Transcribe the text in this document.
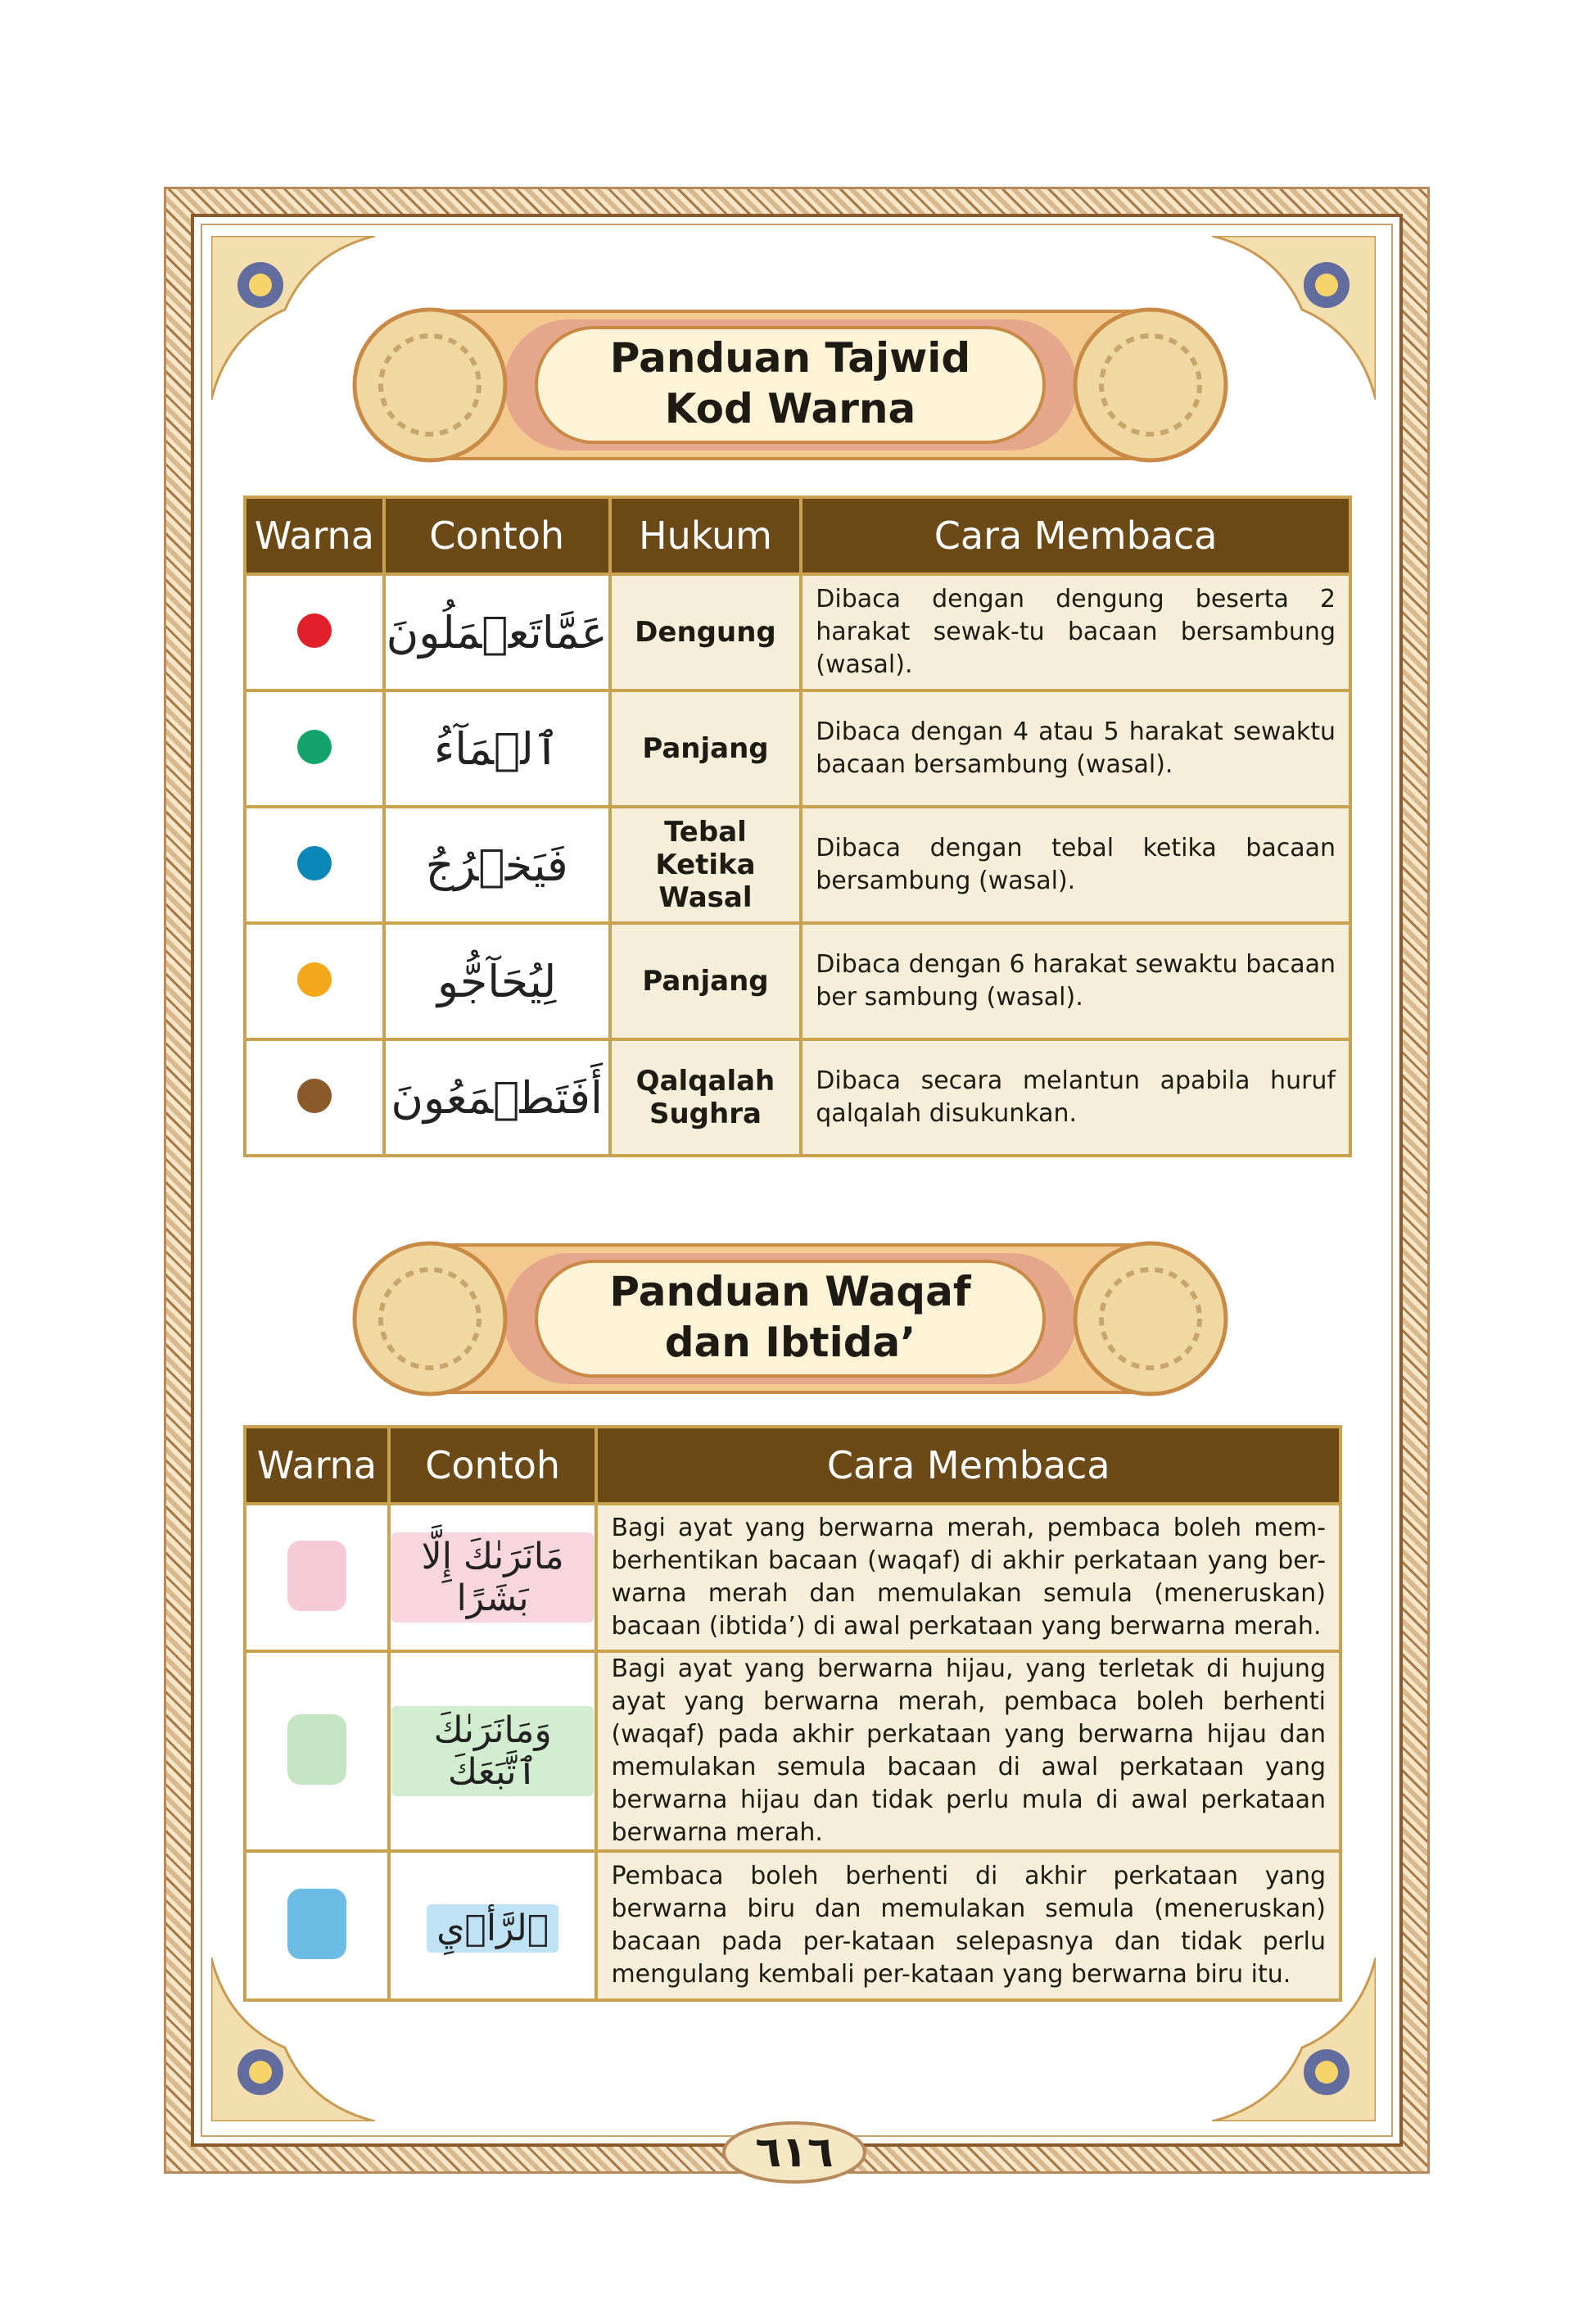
Panduan Tajwid
Kod Warna
Warna	Contoh	Hukum	Cara Membaca
	عَمَّاتَعۡمَلُونَ	Dengung	Dibaca dengan dengung beserta 2 harakat sewak-tu bacaan bersambung (wasal).
	ٱلۡمَآءُ	Panjang	Dibaca dengan 4 atau 5 harakat sewaktu bacaan bersambung (wasal).
	فَيَخۡرُجُ	Tebal Ketika Wasal	Dibaca dengan tebal ketika bacaan bersambung (wasal).
	لِيُحَآجُّو	Panjang	Dibaca dengan 6 harakat sewaktu bacaan ber sambung (wasal).
	أَفَتَطۡمَعُونَ	Qalqalah Sughra	Dibaca secara melantun apabila huruf qalqalah disukunkan.
Panduan Waqaf
dan Ibtida’
Warna	Contoh	Cara Membaca
	مَانَرَىٰكَ إِلَّا بَشَرًا	Bagi ayat yang berwarna merah, pembaca boleh mem-berhentikan bacaan (waqaf) di akhir perkataan yang ber-warna merah dan memulakan semula (meneruskan) bacaan (ibtida’) di awal perkataan yang berwarna merah.
	وَمَانَرَىٰكَ ٱتَّبَعَكَ	Bagi ayat yang berwarna hijau, yang terletak di hujung ayat yang berwarna merah, pembaca boleh berhenti (waqaf) pada akhir perkataan yang berwarna hijau dan memulakan semula bacaan di awal perkataan yang berwarna hijau dan tidak perlu mula di awal perkataan berwarna merah.
	ٱلرَّأۡيِ	Pembaca boleh berhenti di akhir perkataan yang berwarna biru dan memulakan semula (meneruskan) bacaan pada per-kataan selepasnya dan tidak perlu mengulang kembali per-kataan yang berwarna biru itu.
٦١٦
